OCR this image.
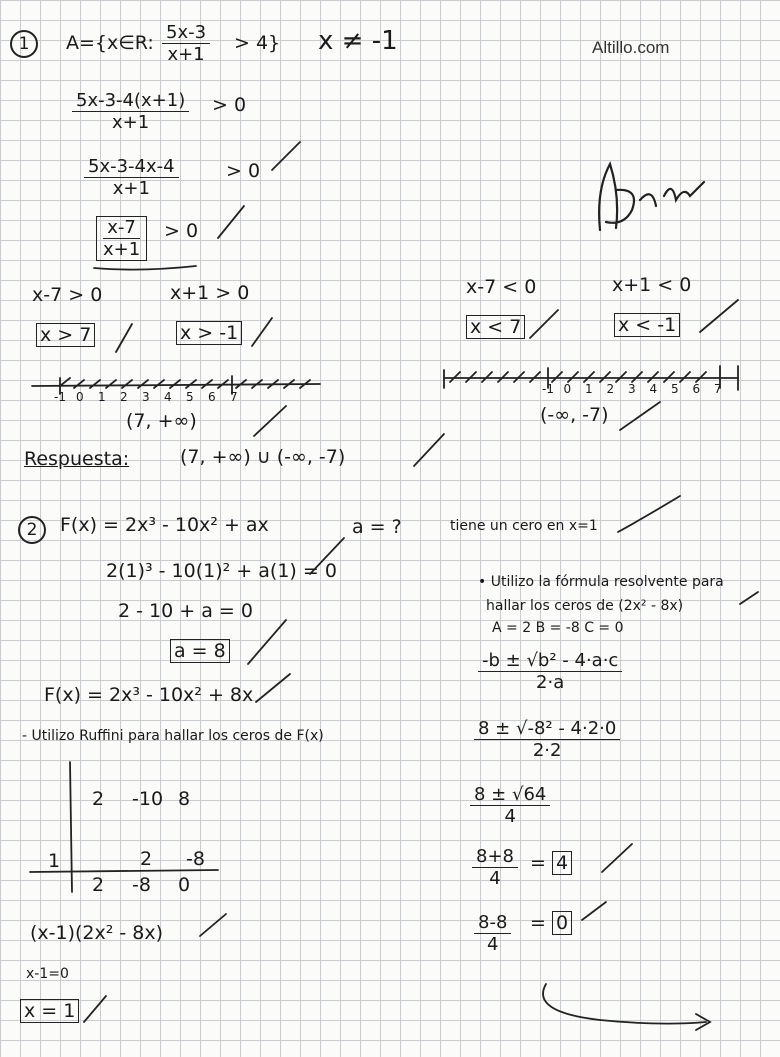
Altillo.com
1	A={x∈R: $\frac{5x-3}{x+1} > 4$} x ≠ -1
$\frac{5x-3-4(x+1)}{x+1} > 0$
$\frac{5x-3-4x-4}{x+1} > 0$
$\frac{x-7}{x+1} > 0$
x-7 > 0	x+1 > 0
x > 7	x > -1
(7, +∞)
x-7 < 0	x+1 < 0
x < 7	x < -1
(-∞, -7)
Respuesta:	(7, +∞) ∪ (-∞, -7)
-1 0 1 2 3 4 5 6 7
-1 0 1 2 3 4 5 6 7
2	F(x) = 2x³ - 10x² + ax	a = ?	tiene un cero en x=1
2(1)³ - 10(1)² + a(1) = 0
2 - 10 + a = 0
a = 8
F(x) = 2x³ - 10x² + 8x
- Utilizo Ruffini para hallar los ceros de F(x)
2 -10 8
1	2 -8
2 -8 0
(x-1)(2x² - 8x)
x-1=0
x = 1
• Utilizo la fórmula resolvente para
hallar los ceros de (2x² - 8x)
A = 2 B = -8 C = 0
$\frac{\text{-b ± √b² - 4·a·c}}{2\cdot a}$
$\frac{\text{8 ± √-8² - 4·2·0}}{2\cdot 2}$
$\frac{8 \pm √64}{4}$
$\frac{8+8}{4} = 4$
$\frac{8-8}{4} = 0$
